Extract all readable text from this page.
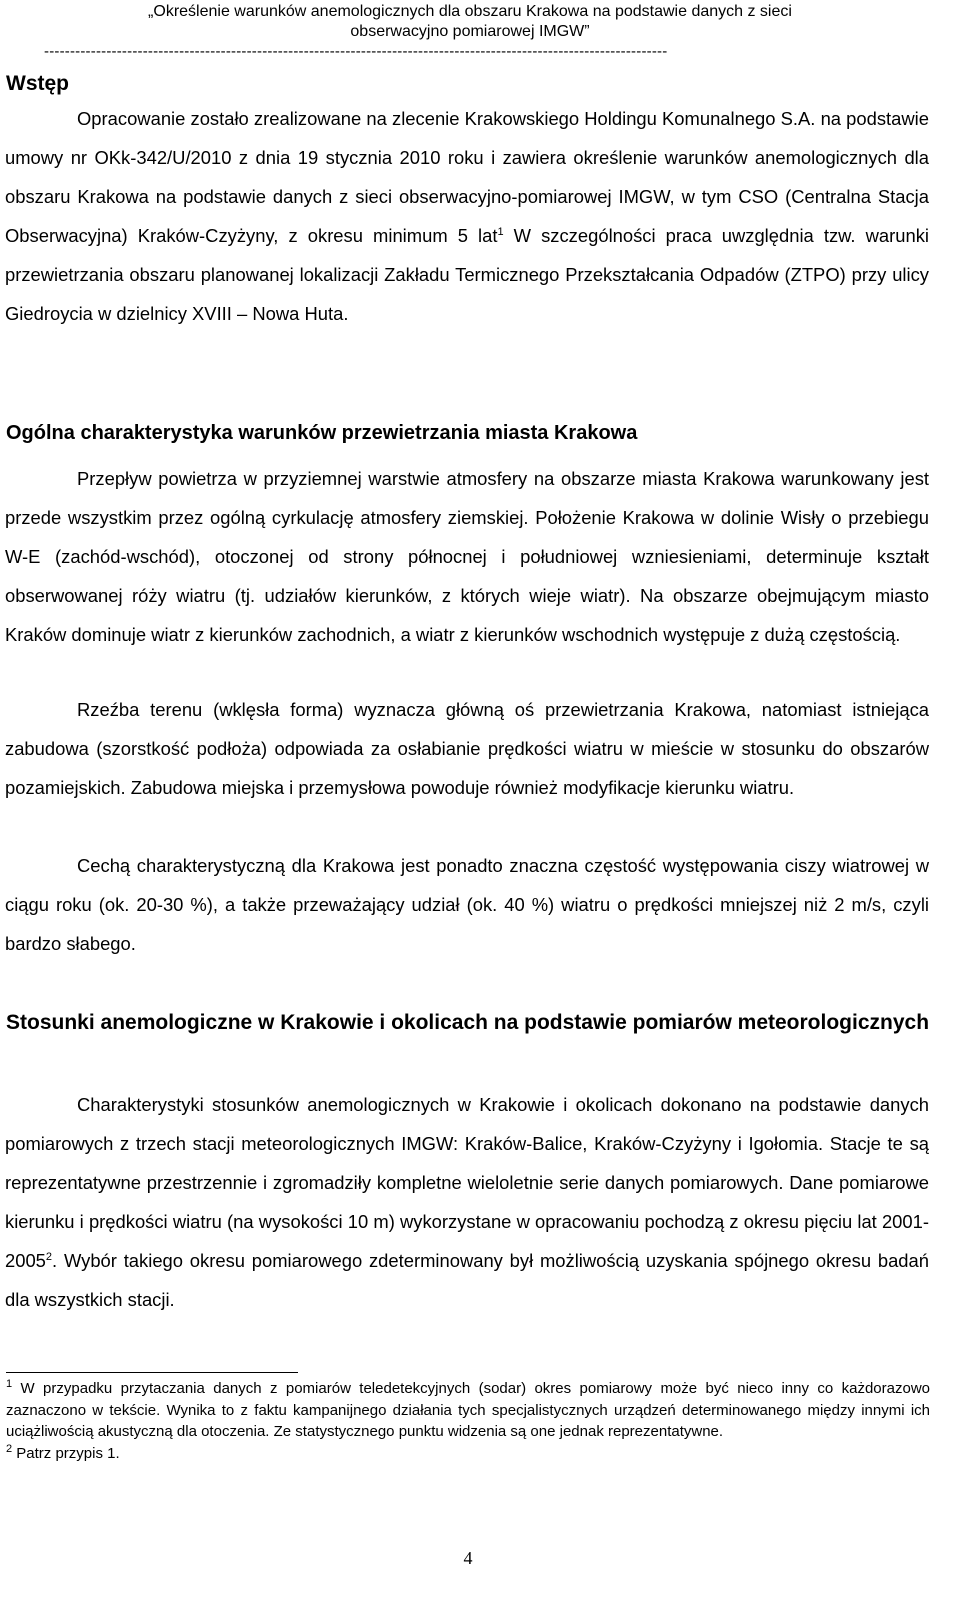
„Określenie warunków anemologicznych dla obszaru Krakowa na podstawie danych z sieci
obserwacyjno pomiarowej IMGW”
------------------------------------------------------------------------------------------------------------------------
Wstęp

Opracowanie zostało zrealizowane na zlecenie Krakowskiego Holdingu Komunalnego S.A. na podstawie umowy nr OKk-342/U/2010 z dnia 19 stycznia 2010 roku i zawiera określenie warunków anemologicznych dla obszaru Krakowa na podstawie danych z sieci obserwacyjno-pomiarowej IMGW, w tym CSO (Centralna Stacja Obserwacyjna) Kraków-Czyżyny, z okresu minimum 5 lat$^1$ W szczególności praca uwzględnia tzw. warunki przewietrzania obszaru planowanej lokalizacji Zakładu Termicznego Przekształcania Odpadów (ZTPO) przy ulicy Giedroycia w dzielnicy XVIII – Nowa Huta.

Ogólna charakterystyka warunków przewietrzania miasta Krakowa

Przepływ powietrza w przyziemnej warstwie atmosfery na obszarze miasta Krakowa warunkowany jest przede wszystkim przez ogólną cyrkulację atmosfery ziemskiej. Położenie Krakowa w dolinie Wisły o przebiegu W-E (zachód-wschód), otoczonej od strony północnej i południowej wzniesieniami, determinuje kształt obserwowanej róży wiatru (tj. udziałów kierunków, z których wieje wiatr). Na obszarze obejmującym miasto Kraków dominuje wiatr z kierunków zachodnich, a wiatr z kierunków wschodnich występuje z dużą częstością.

Rzeźba terenu (wklęsła forma) wyznacza główną oś przewietrzania Krakowa, natomiast istniejąca zabudowa (szorstkość podłoża) odpowiada za osłabianie prędkości wiatru w mieście w stosunku do obszarów pozamiejskich. Zabudowa miejska i przemysłowa powoduje również modyfikacje kierunku wiatru.

Cechą charakterystyczną dla Krakowa jest ponadto znaczna częstość występowania ciszy wiatrowej w ciągu roku (ok. 20-30 %), a także przeważający udział (ok. 40 %) wiatru o prędkości mniejszej niż 2 m/s, czyli bardzo słabego.

Stosunki anemologiczne w Krakowie i okolicach na podstawie pomiarów meteorologicznych

Charakterystyki stosunków anemologicznych w Krakowie i okolicach dokonano na podstawie danych pomiarowych z trzech stacji meteorologicznych IMGW: Kraków-Balice, Kraków-Czyżyny i Igołomia. Stacje te są reprezentatywne przestrzennie i zgromadziły kompletne wieloletnie serie danych pomiarowych. Dane pomiarowe kierunku i prędkości wiatru (na wysokości 10 m) wykorzystane w opracowaniu pochodzą z okresu pięciu lat 2001-2005$^2$. Wybór takiego okresu pomiarowego zdeterminowany był możliwością uzyskania spójnego okresu badań dla wszystkich stacji.

$^1$ W przypadku przytaczania danych z pomiarów teledetekcyjnych (sodar) okres pomiarowy może być nieco inny co każdorazowo zaznaczono w tekście. Wynika to z faktu kampanijnego działania tych specjalistycznych urządzeń determinowanego między innymi ich uciążliwością akustyczną dla otoczenia. Ze statystycznego punktu widzenia są one jednak reprezentatywne.

$^2$ Patrz przypis 1.

4
